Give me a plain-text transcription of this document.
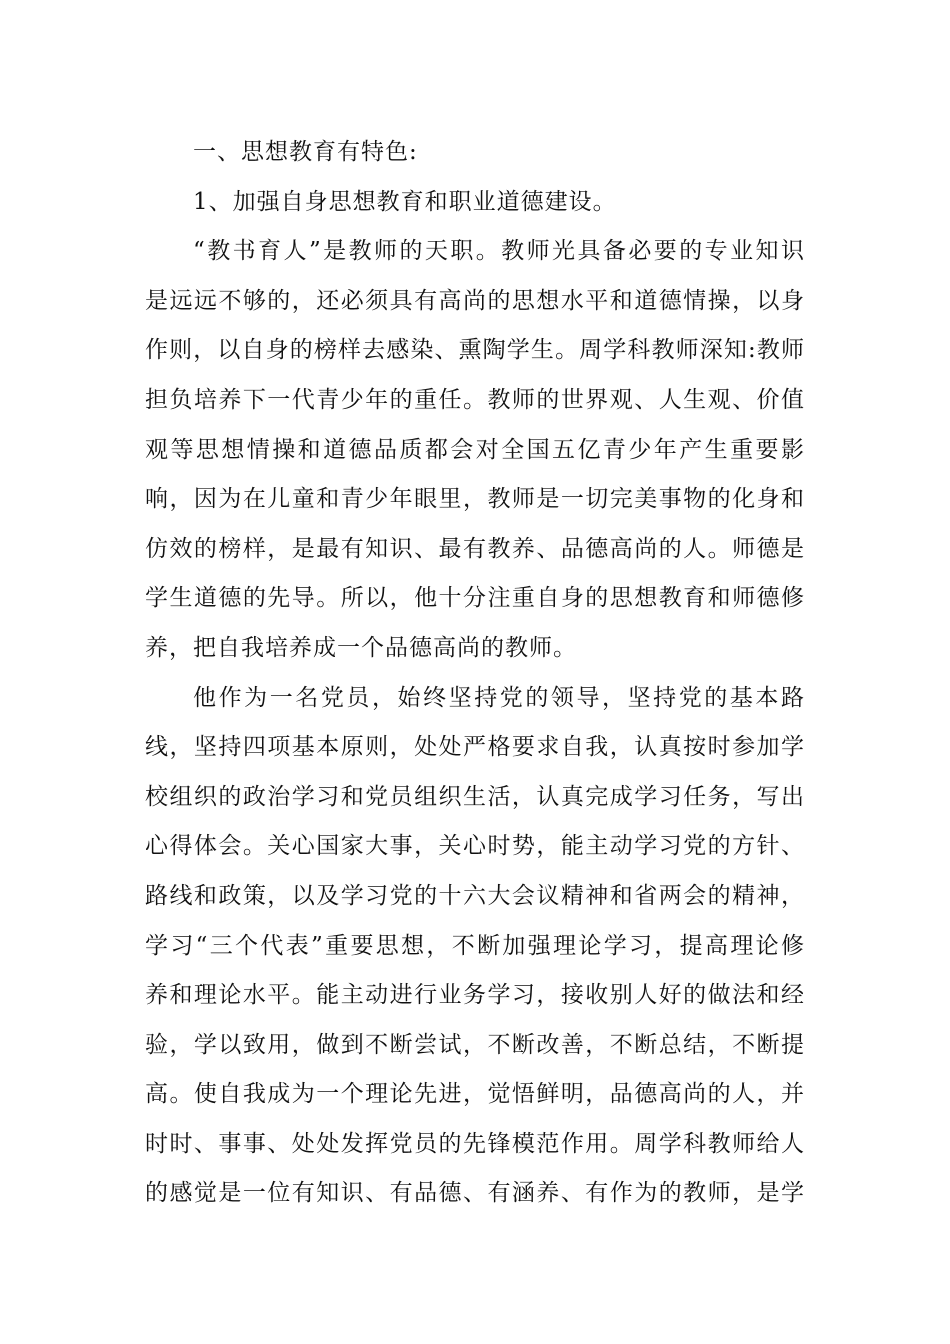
一、思想教育有特色:
1、加强自身思想教育和职业道德建设。
“教书育人”是教师的天职。教师光具备必要的专业知识
是远远不够的，还必须具有高尚的思想水平和道德情操，以身
作则，以自身的榜样去感染、熏陶学生。周学科教师深知:教师
担负培养下一代青少年的重任。教师的世界观、人生观、价值
观等思想情操和道德品质都会对全国五亿青少年产生重要影
响，因为在儿童和青少年眼里，教师是一切完美事物的化身和
仿效的榜样，是最有知识、最有教养、品德高尚的人。师德是
学生道德的先导。所以，他十分注重自身的思想教育和师德修
养，把自我培养成一个品德高尚的教师。
他作为一名党员，始终坚持党的领导，坚持党的基本路
线，坚持四项基本原则，处处严格要求自我，认真按时参加学
校组织的政治学习和党员组织生活，认真完成学习任务，写出
心得体会。关心国家大事，关心时势，能主动学习党的方针、
路线和政策，以及学习党的十六大会议精神和省两会的精神，
学习“三个代表”重要思想，不断加强理论学习，提高理论修
养和理论水平。能主动进行业务学习，接收别人好的做法和经
验，学以致用，做到不断尝试，不断改善，不断总结，不断提
高。使自我成为一个理论先进，觉悟鲜明，品德高尚的人，并
时时、事事、处处发挥党员的先锋模范作用。周学科教师给人
的感觉是一位有知识、有品德、有涵养、有作为的教师，是学
